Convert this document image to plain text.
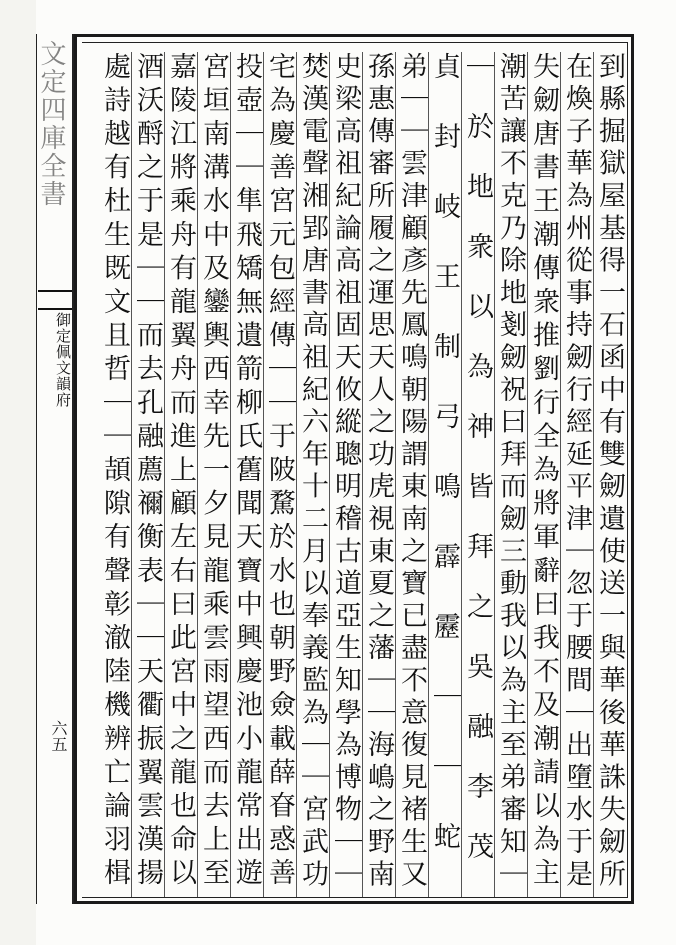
文定四庫全書
御定佩文韻府
六五	到縣掘獄屋基得一石函中有雙劒遺使送一與華後華誅失劒所
在煥子華為州從事持劒行經延平津｜忽于腰間｜出墮水于是
失劒唐書王潮傳衆推劉行全為將軍辭曰我不及潮請以為主
潮苦讓不克乃除地剗劒祝曰拜而劒三動我以為主至弟審知｜
｜於地衆以為神皆拜之吳融李茂
貞封岐王制弓鳴霹靂｜｜蛇
弟｜｜雲津顧彥先鳳鳴朝陽謂東南之寶已盡不意復見褚生又
孫惠傳審所履之運思天人之功虎視東夏之藩｜｜海嶋之野南
史梁高祖紀論高祖固天攸縱聰明稽古道亞生知學為博物｜｜
焚漢電聲湘郢唐書高祖紀六年十二月以奉義監為｜｜宮武功
宅為慶善宮元包經傳｜｜于陂騖於水也朝野僉載薛眘惑善
投壺｜｜隼飛矯無遺箭柳氏舊聞天寶中興慶池小龍常出遊
宮垣南溝水中及鑾輿西幸先一夕見龍乘雲雨望西而去上至
嘉陵江將乘舟有龍翼舟而進上顧左右曰此宮中之龍也命以
酒沃酹之于是｜｜而去孔融薦禰衡表｜｜天衢振翼雲漢揚
處詩越有杜生既文且哲｜｜頡隙有聲彰澈陸機辨亡論羽楫
